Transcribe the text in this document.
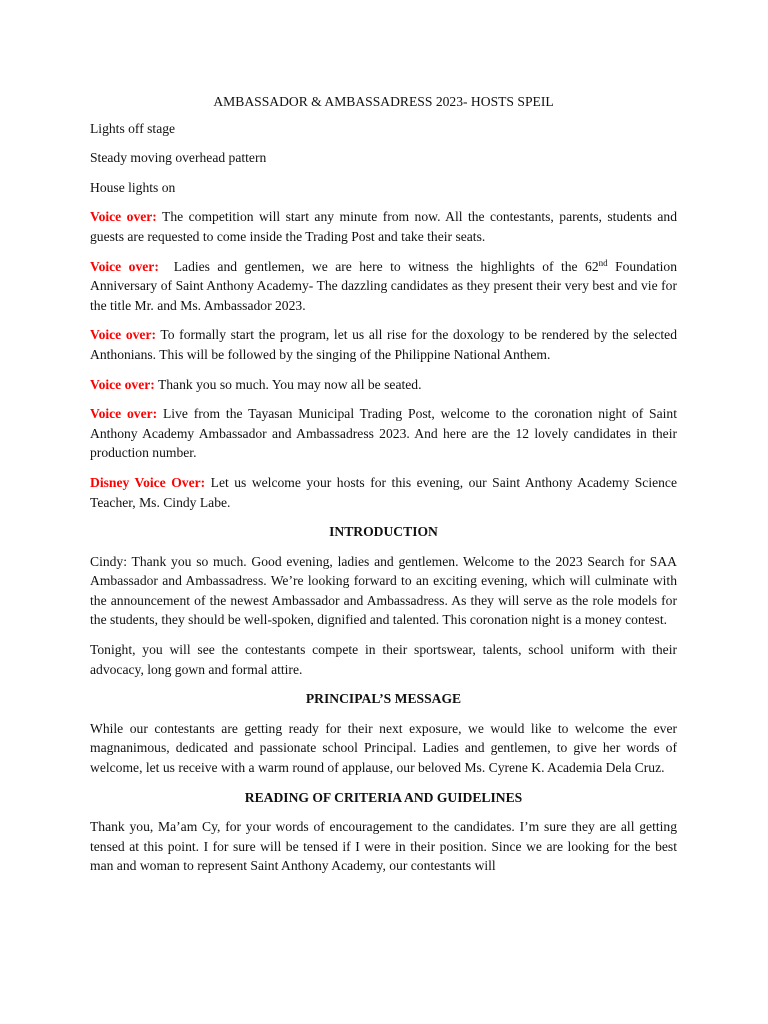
AMBASSADOR & AMBASSADRESS 2023- HOSTS SPEIL
Lights off stage
Steady moving overhead pattern
House lights on

Voice over: The competition will start any minute from now. All the contestants, parents, students and guests are requested to come inside the Trading Post and take their seats.

Voice over:  Ladies and gentlemen, we are here to witness the highlights of the 62nd Foundation Anniversary of Saint Anthony Academy- The dazzling candidates as they present their very best and vie for the title Mr. and Ms. Ambassador 2023.

Voice over: To formally start the program, let us all rise for the doxology to be rendered by the selected Anthonians. This will be followed by the singing of the Philippine National Anthem.

Voice over: Thank you so much. You may now all be seated.

Voice over: Live from the Tayasan Municipal Trading Post, welcome to the coronation night of Saint Anthony Academy Ambassador and Ambassadress 2023. And here are the 12 lovely candidates in their production number.

Disney Voice Over: Let us welcome your hosts for this evening, our Saint Anthony Academy Science Teacher, Ms. Cindy Labe.

INTRODUCTION

Cindy: Thank you so much. Good evening, ladies and gentlemen. Welcome to the 2023 Search for SAA Ambassador and Ambassadress. We’re looking forward to an exciting evening, which will culminate with the announcement of the newest Ambassador and Ambassadress. As they will serve as the role models for the students, they should be well-spoken, dignified and talented. This coronation night is a money contest.

Tonight, you will see the contestants compete in their sportswear, talents, school uniform with their advocacy, long gown and formal attire.

PRINCIPAL’S MESSAGE

While our contestants are getting ready for their next exposure, we would like to welcome the ever magnanimous, dedicated and passionate school Principal. Ladies and gentlemen, to give her words of welcome, let us receive with a warm round of applause, our beloved Ms. Cyrene K. Academia Dela Cruz.

READING OF CRITERIA AND GUIDELINES

Thank you, Ma’am Cy, for your words of encouragement to the candidates. I’m sure they are all getting tensed at this point. I for sure will be tensed if I were in their position. Since we are looking for the best man and woman to represent Saint Anthony Academy, our contestants will
